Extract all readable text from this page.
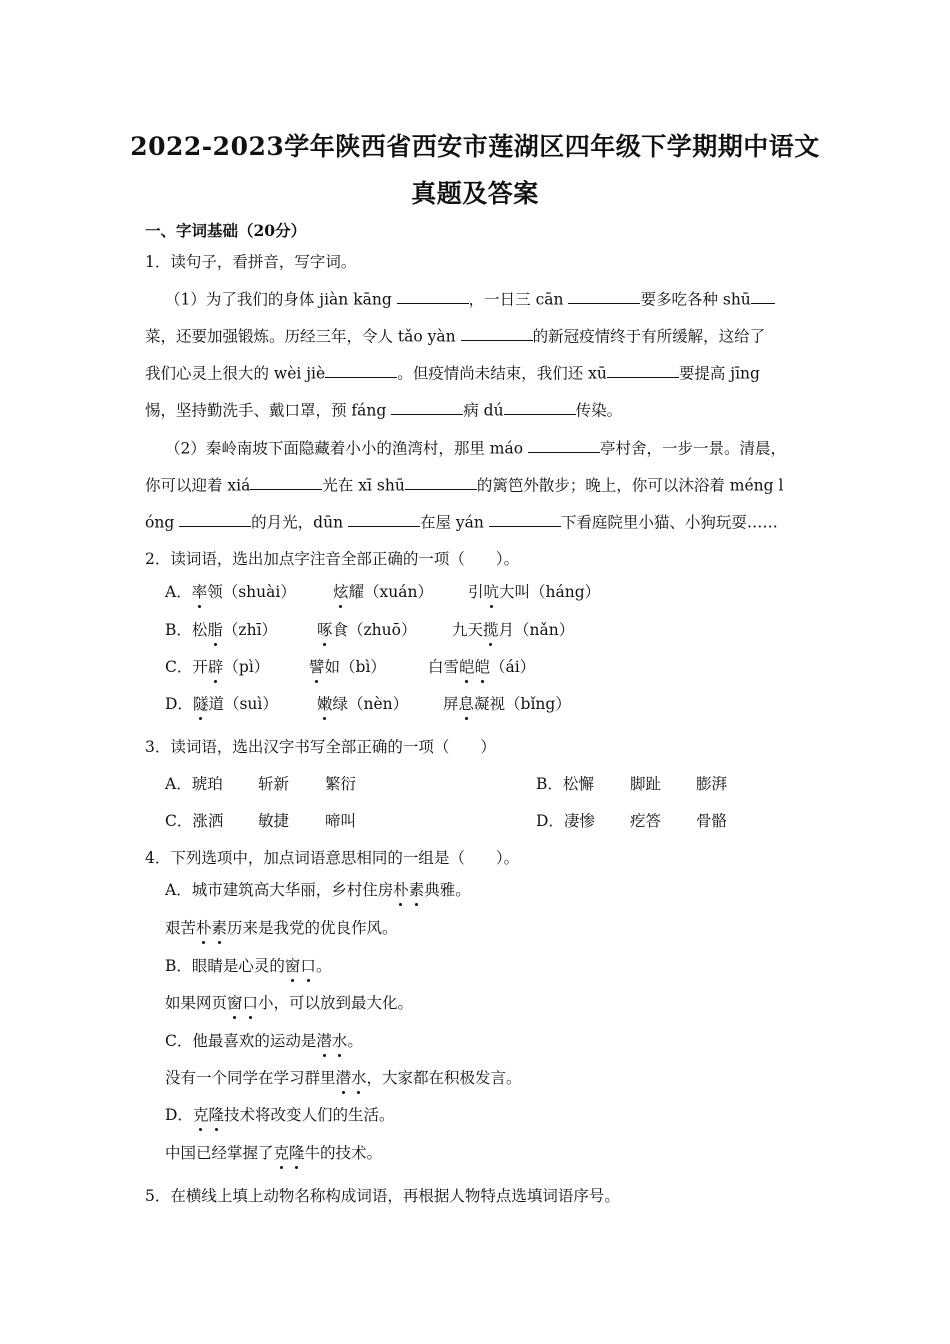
2022-2023学年陕西省西安市莲湖区四年级下学期期中语文
真题及答案
一、字词基础（20分）
1．读句子，看拼音，写字词。
（1）为了我们的身体 jiàn kāng	，一日三 cān	要多吃各种 shū
菜，还要加强锻炼。历经三年，令人 tǎo yàn	的新冠疫情终于有所缓解，这给了
我们心灵上很大的 wèi jiè	。但疫情尚未结束，我们还 xū	要提高 jīng
惕，坚持勤洗手、戴口罩，预 fáng	病 dú	传染。
（2）秦岭南坡下面隐藏着小小的渔湾村，那里 máo	亭村舍，一步一景。清晨，
你可以迎着 xiá	光在 xī shū	的篱笆外散步；晚上，你可以沐浴着 méng l
óng	的月光，dūn	在屋 yán	下看庭院里小猫、小狗玩耍……
2．读词语，选出加点字注音全部正确的一项（　　）。
A．率领（shuài） 炫耀（xuán） 引吭大叫（háng）
B．松脂（zhī）	啄食（zhuō） 九天揽月（nǎn）
C．开辟（pì）	譬如（bì）	白雪皑皑（ái）
D．隧道（suì）	嫩绿（nèn） 屏息凝视（bǐng）
3．读词语，选出汉字书写全部正确的一项（　　）
A．琥珀 斩新 繁衍	B．松懈 脚趾 膨湃
C．涨洒 敏捷 啼叫	D．凄惨 疙答 骨骼
4．下列选项中，加点词语意思相同的一组是（　　）。
A．城市建筑高大华丽，乡村住房朴素典雅。
艰苦朴素历来是我党的优良作风。
B．眼睛是心灵的窗口。
如果网页窗口小，可以放到最大化。
C．他最喜欢的运动是潜水。
没有一个同学在学习群里潜水，大家都在积极发言。
D．克隆技术将改变人们的生活。
中国已经掌握了克隆牛的技术。
5．在横线上填上动物名称构成词语，再根据人物特点选填词语序号。
